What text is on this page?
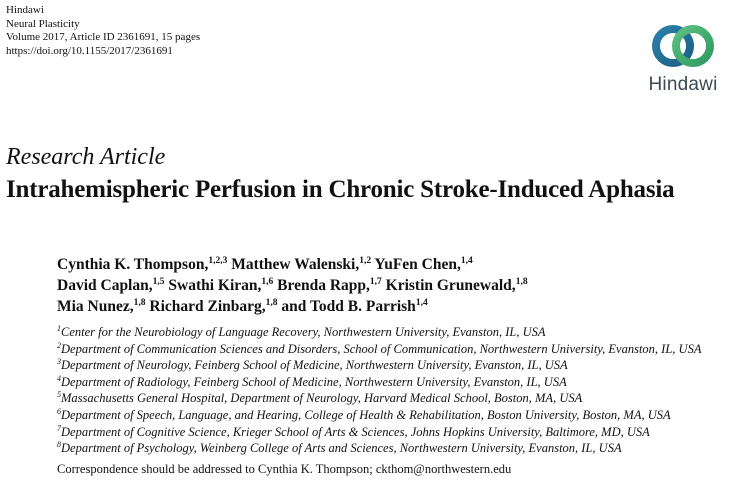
Hindawi
Neural Plasticity
Volume 2017, Article ID 2361691, 15 pages
https://doi.org/10.1155/2017/2361691
Hindawi
Research Article
Intrahemispheric Perfusion in Chronic Stroke-Induced Aphasia
Cynthia K. Thompson,$^{1,2,3}$ Matthew Walenski,$^{1,2}$ YuFen Chen,$^{1,4}$
David Caplan,$^{1,5}$ Swathi Kiran,$^{1,6}$ Brenda Rapp,$^{1,7}$ Kristin Grunewald,$^{1,8}$
Mia Nunez,$^{1,8}$ Richard Zinbarg,$^{1,8}$ and Todd B. Parrish$^{1,4}$
$^1$Center for the Neurobiology of Language Recovery, Northwestern University, Evanston, IL, USA
$^2$Department of Communication Sciences and Disorders, School of Communication, Northwestern University, Evanston, IL, USA
$^3$Department of Neurology, Feinberg School of Medicine, Northwestern University, Evanston, IL, USA
$^4$Department of Radiology, Feinberg School of Medicine, Northwestern University, Evanston, IL, USA
$^5$Massachusetts General Hospital, Department of Neurology, Harvard Medical School, Boston, MA, USA
$^6$Department of Speech, Language, and Hearing, College of Health & Rehabilitation, Boston University, Boston, MA, USA
$^7$Department of Cognitive Science, Krieger School of Arts & Sciences, Johns Hopkins University, Baltimore, MD, USA
$^8$Department of Psychology, Weinberg College of Arts and Sciences, Northwestern University, Evanston, IL, USA
Correspondence should be addressed to Cynthia K. Thompson; ckthom@northwestern.edu
